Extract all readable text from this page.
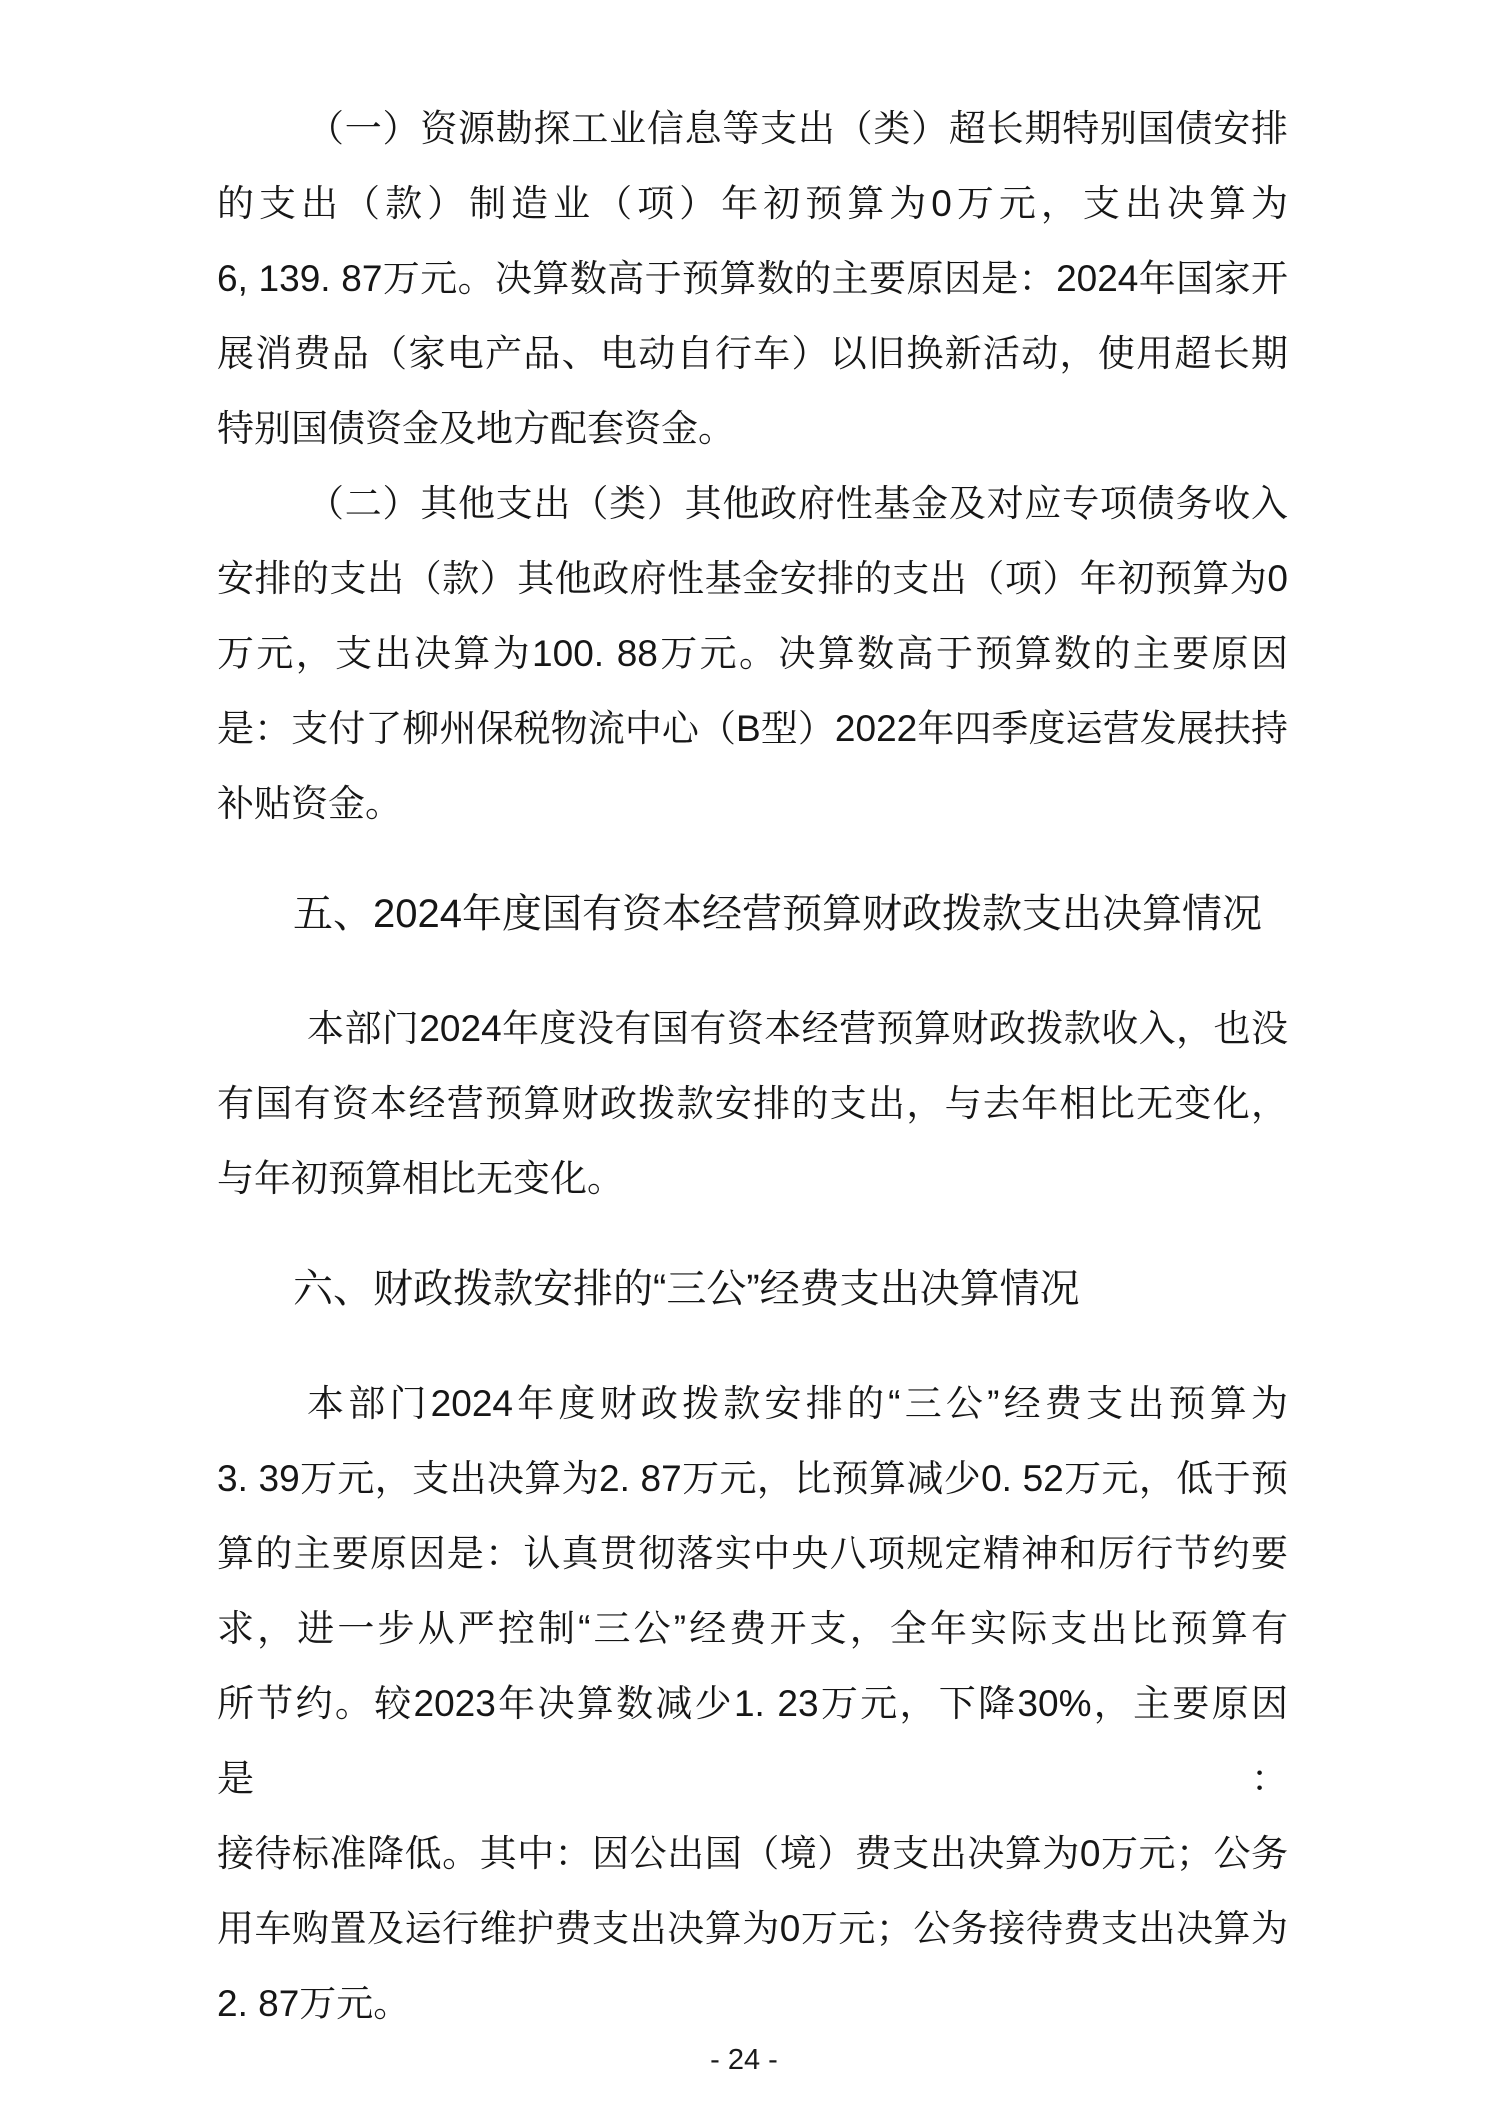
（一）资源勘探工业信息等支出（类）超长期特别国债安排

的支出（款）制造业（项）年初预算为0万元，支出决算为

6, 139. 87万元。决算数高于预算数的主要原因是：2024年国家开

展消费品（家电产品、电动自行车）以旧换新活动，使用超长期

特别国债资金及地方配套资金。

（二）其他支出（类）其他政府性基金及对应专项债务收入

安排的支出（款）其他政府性基金安排的支出（项）年初预算为0

万元，支出决算为100. 88万元。决算数高于预算数的主要原因

是：支付了柳州保税物流中心（B型）2022年四季度运营发展扶持

补贴资金。

五、2024年度国有资本经营预算财政拨款支出决算情况

本部门2024年度没有国有资本经营预算财政拨款收入，也没

有国有资本经营预算财政拨款安排的支出，与去年相比无变化，

与年初预算相比无变化。

六、财政拨款安排的“三公”经费支出决算情况

本部门2024年度财政拨款安排的“三公”经费支出预算为

3. 39万元，支出决算为2. 87万元，比预算减少0. 52万元，低于预

算的主要原因是：认真贯彻落实中央八项规定精神和厉行节约要

求，进一步从严控制“三公”经费开支，全年实际支出比预算有

所节约。较2023年决算数减少1. 23万元，下降30%，主要原因是：

接待标准降低。其中：因公出国（境）费支出决算为0万元；公务

用车购置及运行维护费支出决算为0万元；公务接待费支出决算为

2. 87万元。

- 24 -
